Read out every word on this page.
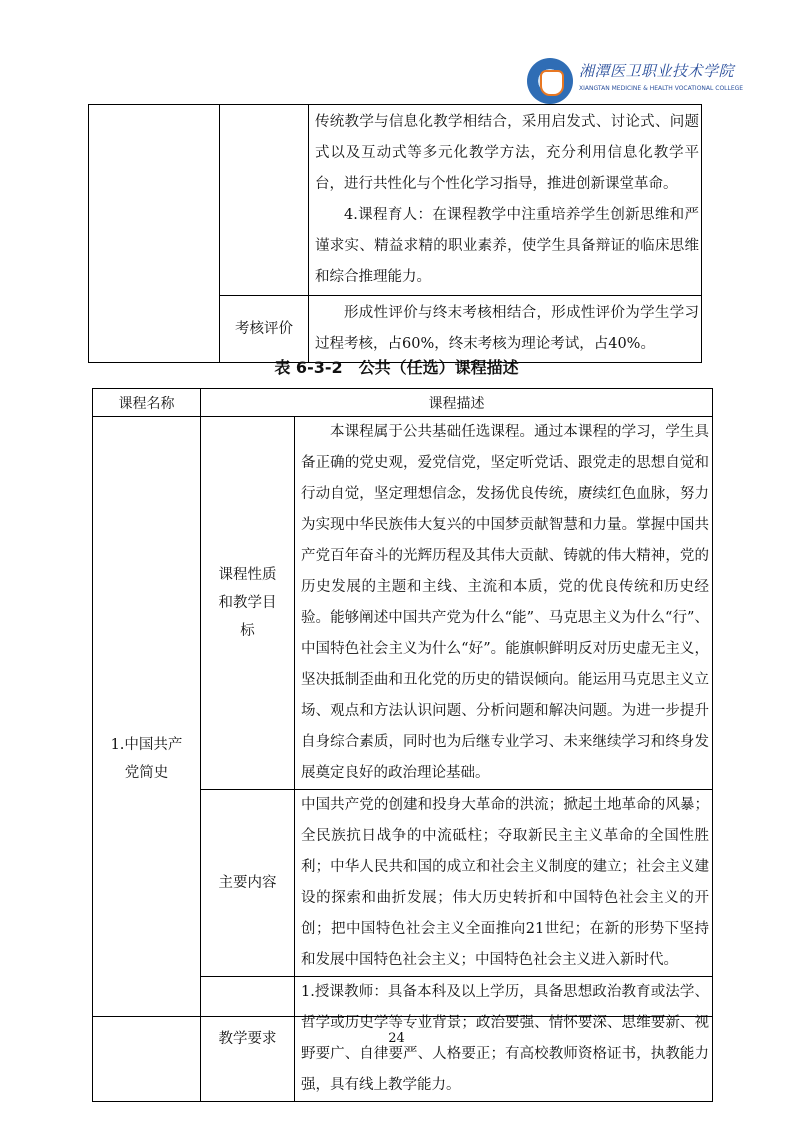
湘潭医卫职业技术学院
XIANGTAN MEDICINE & HEALTH VOCATIONAL COLLEGE

		传统教学与信息化教学相结合，采用启发式、讨论式、问题式以及互动式等多元化教学方法，充分利用信息化教学平台，进行共性化与个性化学习指导，推进创新课堂革命。

4.课程育人：在课程教学中注重培养学生创新思维和严谨求实、精益求精的职业素养，使学生具备辩证的临床思维和综合推理能力。

	考核评价	形成性评价与终末考核相结合，形成性评价为学生学习过程考核，占60%，终末考核为理论考试，占40%。

表 6-3-2　公共（任选）课程描述
课程名称	课程描述	
1.中国共产党简史	课程性质和教学目标	本课程属于公共基础任选课程。通过本课程的学习，学生具备正确的党史观，爱党信党，坚定听党话、跟党走的思想自觉和行动自觉，坚定理想信念，发扬优良传统，赓续红色血脉，努力为实现中华民族伟大复兴的中国梦贡献智慧和力量。掌握中国共产党百年奋斗的光辉历程及其伟大贡献、铸就的伟大精神，党的历史发展的主题和主线、主流和本质，党的优良传统和历史经验。能够阐述中国共产党为什么“能”、马克思主义为什么“行”、中国特色社会主义为什么“好”。能旗帜鲜明反对历史虚无主义，坚决抵制歪曲和丑化党的历史的错误倾向。能运用马克思主义立场、观点和方法认识问题、分析问题和解决问题。为进一步提升自身综合素质，同时也为后继专业学习、未来继续学习和终身发展奠定良好的政治理论基础。

	主要内容	中国共产党的创建和投身大革命的洪流；掀起土地革命的风暴；全民族抗日战争的中流砥柱；夺取新民主主义革命的全国性胜利；中华人民共和国的成立和社会主义制度的建立；社会主义建设的探索和曲折发展；伟大历史转折和中国特色社会主义的开创；把中国特色社会主义全面推向21世纪；在新的形势下坚持和发展中国特色社会主义；中国特色社会主义进入新时代。

	教学要求	1.授课教师：具备本科及以上学历，具备思想政治教育或法学、哲学或历史学等专业背景；政治要强、情怀要深、思维要新、视野要广、自律要严、人格要正；有高校教师资格证书，执教能力强，具有线上教学能力。

24
